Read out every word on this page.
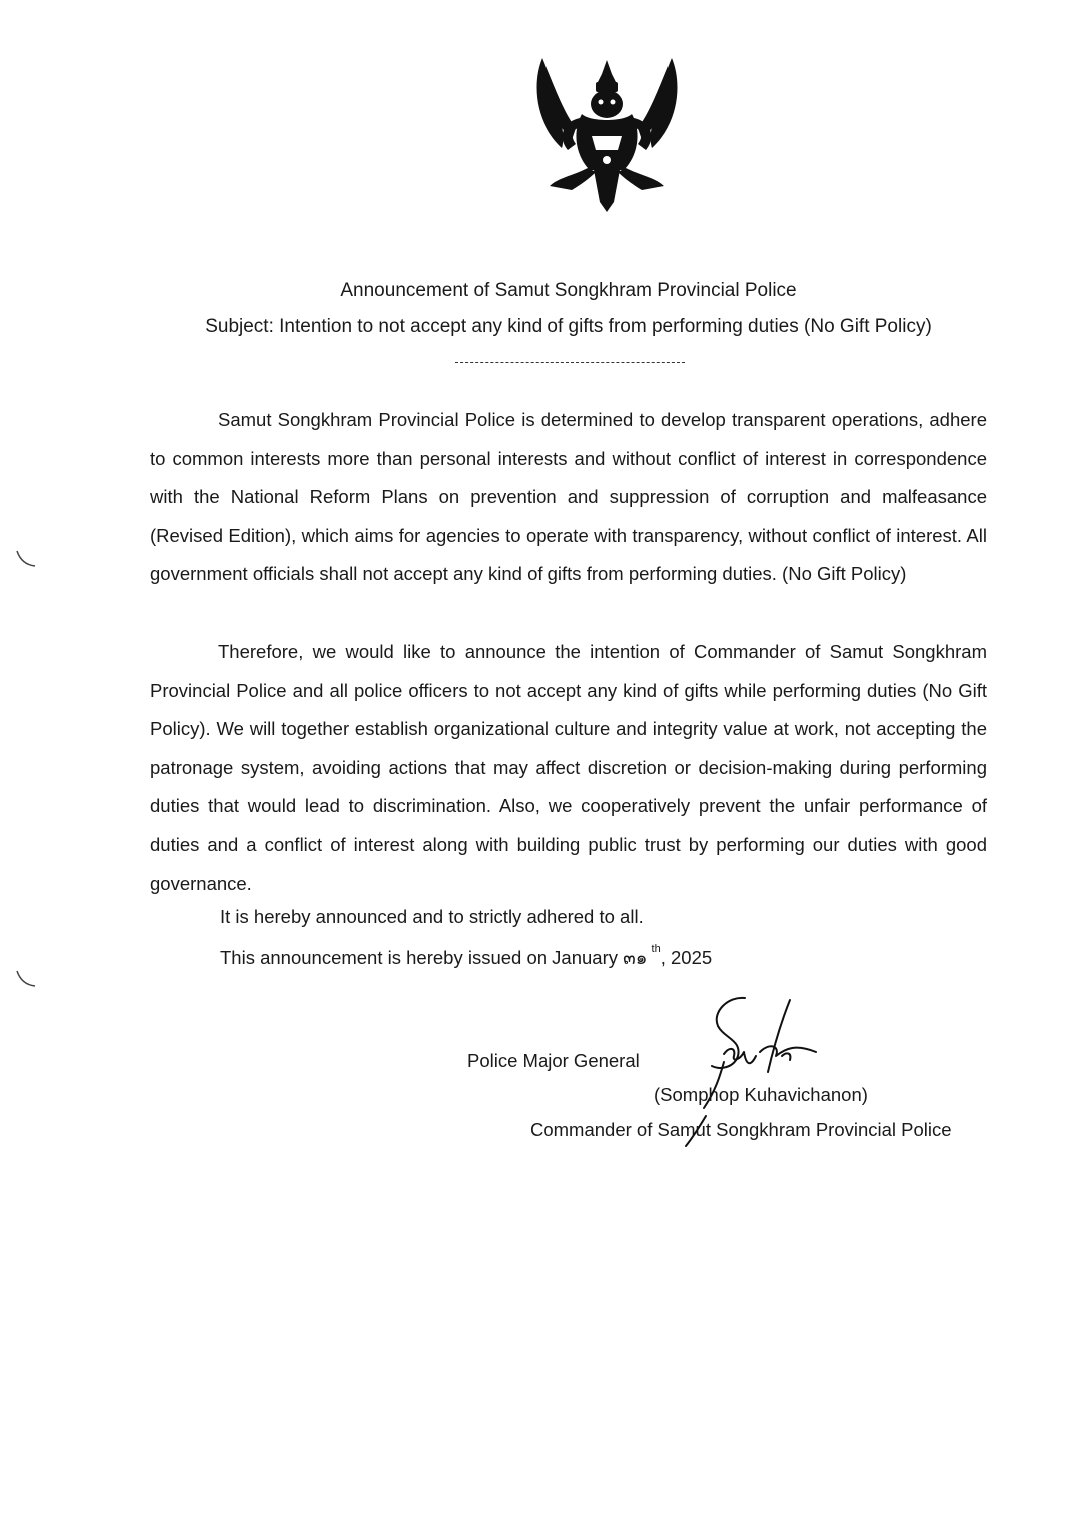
Announcement of Samut Songkhram Provincial Police
Subject: Intention to not accept any kind of gifts from performing duties (No Gift Policy)

Samut Songkhram Provincial Police is determined to develop transparent operations, adhere to common interests more than personal interests and without conflict of interest in correspondence with the National Reform Plans on prevention and suppression of corruption and malfeasance (Revised Edition), which aims for agencies to operate with transparency, without conflict of interest. All government officials shall not accept any kind of gifts from performing duties. (No Gift Policy)

Therefore, we would like to announce the intention of Commander of Samut Songkhram Provincial Police and all police officers to not accept any kind of gifts while performing duties (No Gift Policy). We will together establish organizational culture and integrity value at work, not accepting the patronage system, avoiding actions that may affect discretion or decision-making during performing duties that would lead to discrimination. Also, we cooperatively prevent the unfair performance of duties and a conflict of interest along with building public trust by performing our duties with good governance.

It is hereby announced and to strictly adhered to all.
This announcement is hereby issued on January ๓๑ $^{th}$, 2025
Police Major General
(Somphop Kuhavichanon)
Commander of Samut Songkhram Provincial Police
